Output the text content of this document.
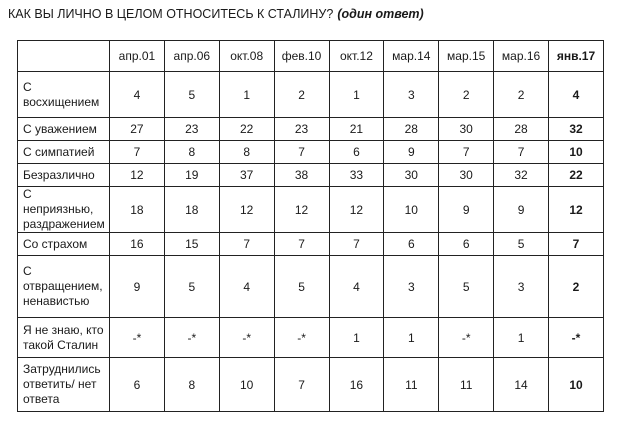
КАК ВЫ ЛИЧНО В ЦЕЛОМ ОТНОСИТЕСЬ К СТАЛИНУ? (один ответ)
	апр.01	апр.06	окт.08	фев.10	окт.12	мар.14	мар.15	мар.16	янв.17
С восхищением	4	5	1	2	1	3	2	2	4
С уважением	27	23	22	23	21	28	30	28	32
С симпатией	7	8	8	7	6	9	7	7	10
Безразлично	12	19	37	38	33	30	30	32	22
С неприязнью, раздражением	18	18	12	12	12	10	9	9	12
Со страхом	16	15	7	7	7	6	6	5	7
С отвращением, ненавистью	9	5	4	5	4	3	5	3	2
Я не знаю, кто такой Сталин	-*	-*	-*	-*	1	1	-*	1	-*
Затруднились ответить/ нет ответа	6	8	10	7	16	11	11	14	10
